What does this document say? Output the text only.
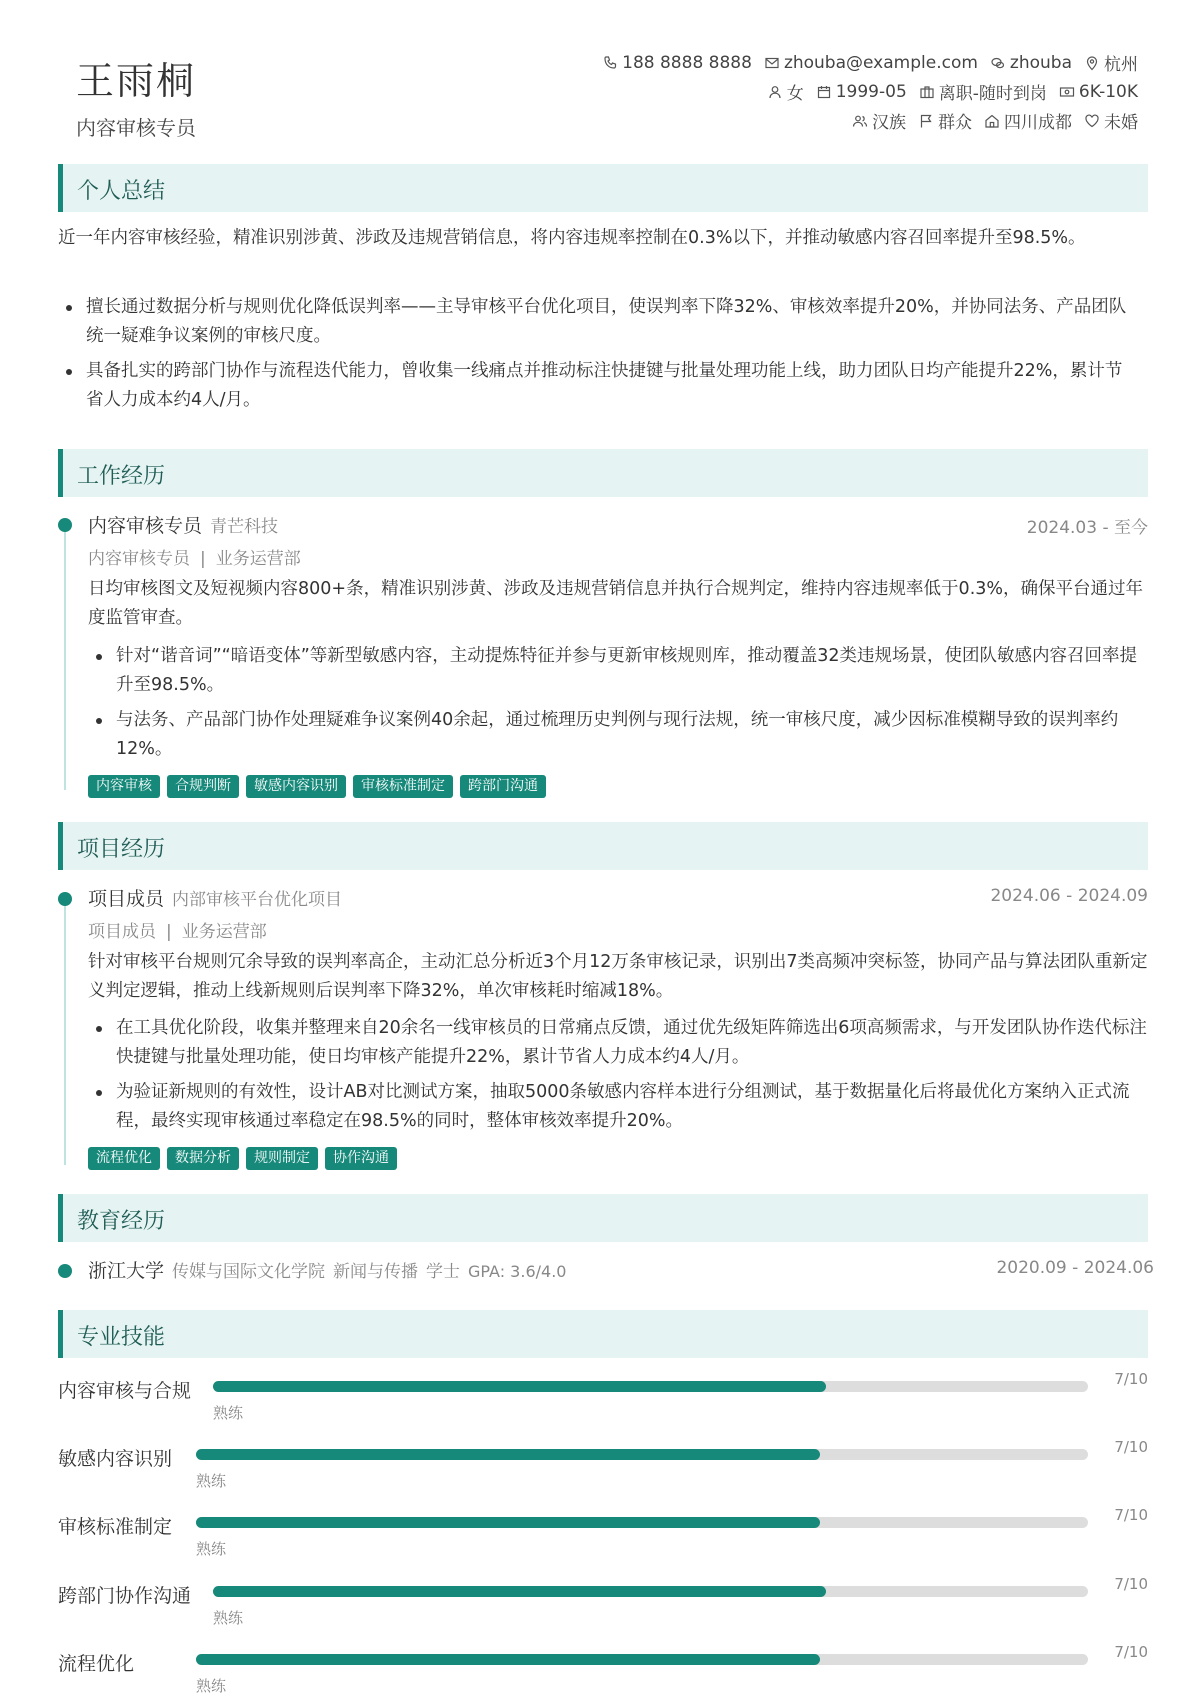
王雨桐
内容审核专员
188 8888 8888 zhouba@example.com zhouba 杭州
女 1999-05 离职-随时到岗 6K-10K
汉族 群众 四川成都 未婚
个人总结
近一年内容审核经验，精准识别涉黄、涉政及违规营销信息，将内容违规率控制在0.3%以下，并推动敏感内容召回率提升至98.5%。
擅长通过数据分析与规则优化降低误判率——主导审核平台优化项目，使误判率下降32%、审核效率提升20%，并协同法务、产品团队统一疑难争议案例的审核尺度。
具备扎实的跨部门协作与流程迭代能力，曾收集一线痛点并推动标注快捷键与批量处理功能上线，助力团队日均产能提升22%，累计节省人力成本约4人/月。
工作经历
内容审核专员 青芒科技	2024.03 - 至今
内容审核专员 | 业务运营部
日均审核图文及短视频内容800+条，精准识别涉黄、涉政及违规营销信息并执行合规判定，维持内容违规率低于0.3%，确保平台通过年度监管审查。
针对“谐音词”“暗语变体”等新型敏感内容，主动提炼特征并参与更新审核规则库，推动覆盖32类违规场景，使团队敏感内容召回率提升至98.5%。
与法务、产品部门协作处理疑难争议案例40余起，通过梳理历史判例与现行法规，统一审核尺度，减少因标准模糊导致的误判率约12%。
内容审核	合规判断	敏感内容识别	审核标准制定	跨部门沟通
项目经历
项目成员 内部审核平台优化项目	2024.06 - 2024.09
项目成员 | 业务运营部
针对审核平台规则冗余导致的误判率高企，主动汇总分析近3个月12万条审核记录，识别出7类高频冲突标签，协同产品与算法团队重新定义判定逻辑，推动上线新规则后误判率下降32%，单次审核耗时缩减18%。
在工具优化阶段，收集并整理来自20余名一线审核员的日常痛点反馈，通过优先级矩阵筛选出6项高频需求，与开发团队协作迭代标注快捷键与批量处理功能，使日均审核产能提升22%，累计节省人力成本约4人/月。
为验证新规则的有效性，设计AB对比测试方案，抽取5000条敏感内容样本进行分组测试，基于数据量化后将最优化方案纳入正式流程，最终实现审核通过率稳定在98.5%的同时，整体审核效率提升20%。
流程优化	数据分析	规则制定	协作沟通
教育经历
浙江大学 传媒与国际文化学院 新闻与传播 学士 GPA: 3.6/4.0	2020.09 - 2024.06
专业技能
内容审核与合规
7/10
熟练
敏感内容识别
7/10
熟练
审核标准制定
7/10
熟练
跨部门协作沟通
7/10
熟练
流程优化
7/10
熟练
